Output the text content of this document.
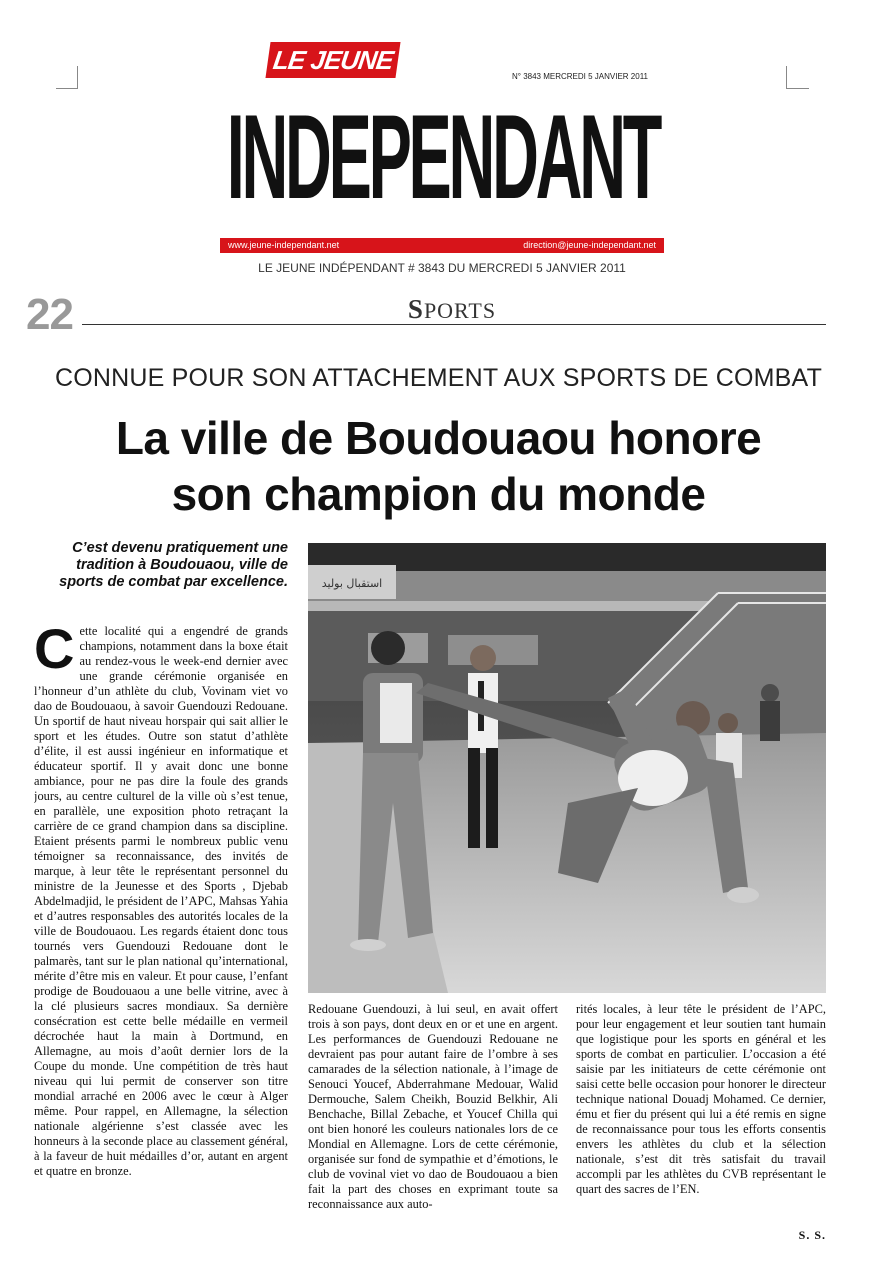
LE JEUNE
N° 3843 MERCREDI 5 JANVIER 2011
INDEPENDANT
www.jeune-independant.net	direction@jeune-independant.net
LE JEUNE INDÉPENDANT # 3843 DU MERCREDI 5 JANVIER 2011
22	SPORTS
CONNUE POUR SON ATTACHEMENT AUX SPORTS DE COMBAT
La ville de Boudouaou honore
son champion du monde
C’est devenu pratiquement une tradition à Boudouaou, ville de sports de combat par excellence.	استقبال بوليد
Cette localité qui a engendré de grands champions, notamment dans la boxe était au rendez-vous le week-end dernier avec une grande cérémonie organisée en l’honneur d’un athlète du club, Vovinam viet vo dao de Boudouaou, à savoir Guendouzi Redouane. Un sportif de haut niveau horspair qui sait allier le sport et les études. Outre son statut d’athlète d’élite, il est aussi ingénieur en informatique et éducateur sportif. Il y avait donc une bonne ambiance, pour ne pas dire la foule des grands jours, au centre culturel de la ville où s’est tenue, en parallèle, une exposition photo retraçant la carrière de ce grand champion dans sa discipline. Etaient présents parmi le nombreux public venu témoigner sa reconnaissance, des invités de marque, à leur tête le représentant personnel du ministre de la Jeunesse et des Sports , Djebab Abdelmadjid, le président de l’APC, Mahsas Yahia et d’autres responsables des autorités locales de la ville de Boudouaou. Les regards étaient donc tous tournés vers Guendouzi Redouane dont le palmarès, tant sur le plan national qu’international, mérite d’être mis en valeur. Et pour cause, l’enfant prodige de Boudouaou a une belle vitrine, avec à la clé plusieurs sacres mondiaux. Sa dernière consécration est cette belle médaille en vermeil décrochée haut la main à Dortmund, en Allemagne, au mois d’août dernier lors de la Coupe du monde. Une compétition de très haut niveau qui lui permit de conserver son titre mondial arraché en 2006 avec le cœur à Alger même. Pour rappel, en Allemagne, la sélection nationale algérienne s’est classée avec les honneurs à la seconde place au classement général, à la faveur de huit médailles d’or, autant en argent et quatre en bronze.
Redouane Guendouzi, à lui seul, en avait offert trois à son pays, dont deux en or et une en argent. Les performances de Guendouzi Redouane ne devraient pas pour autant faire de l’ombre à ses camarades de la sélection nationale, à l’image de Senouci Youcef, Abderrahmane Medouar, Walid Dermouche, Salem Cheikh, Bouzid Belkhir, Ali Benchache, Billal Zebache, et Youcef Chilla qui ont bien honoré les couleurs nationales lors de ce Mondial en Allemagne. Lors de cette cérémonie, organisée sur fond de sympathie et d’émotions, le club de vovinal viet vo dao de Boudouaou a bien fait la part des choses en exprimant toute sa reconnaissance aux auto-
rités locales, à leur tête le président de l’APC, pour leur engagement et leur soutien tant humain que logistique pour les sports en général et les sports de combat en particulier. L’occasion a été saisie par les initiateurs de cette cérémonie ont saisi cette belle occasion pour honorer le directeur technique national Douadj Mohamed. Ce dernier, ému et fier du présent qui lui a été remis en signe de reconnaissance pour tous les efforts consentis envers les athlètes du club et la sélection nationale, s’est dit très satisfait du travail accompli par les athlètes du CVB représentant le quart des sacres de l’EN.
S. S.
